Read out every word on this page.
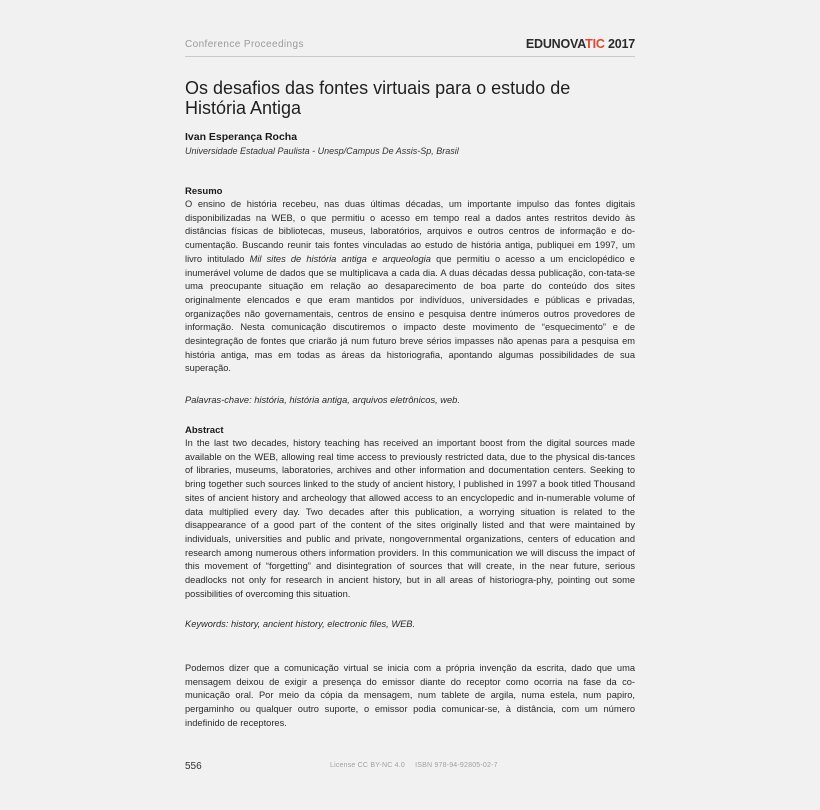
Conference Proceedings	EDUNOVATIC 2017
Os desafios das fontes virtuais para o estudo de
História Antiga
Ivan Esperança Rocha
Universidade Estadual Paulista - Unesp/Campus De Assis-Sp, Brasil
Resumo
O ensino de história recebeu, nas duas últimas décadas, um importante impulso das fontes digitais disponibilizadas na WEB, o que permitiu o acesso em tempo real a dados antes restritos devido às distâncias físicas de bibliotecas, museus, laboratórios, arquivos e outros centros de informação e do-cumentação. Buscando reunir tais fontes vinculadas ao estudo de história antiga, publiquei em 1997, um livro intitulado Mil sites de história antiga e arqueologia que permitiu o acesso a um enciclopédico e inumerável volume de dados que se multiplicava a cada dia. A duas décadas dessa publicação, con-tata-se uma preocupante situação em relação ao desaparecimento de boa parte do conteúdo dos sites originalmente elencados e que eram mantidos por indivíduos, universidades e públicas e privadas, organizações não governamentais, centros de ensino e pesquisa dentre inúmeros outros provedores de informação. Nesta comunicação discutiremos o impacto deste movimento de “esquecimento” e de desintegração de fontes que criarão já num futuro breve sérios impasses não apenas para a pesquisa em história antiga, mas em todas as áreas da historiografia, apontando algumas possibilidades de sua superação.
Palavras-chave: história, história antiga, arquivos eletrônicos, web.
Abstract
In the last two decades, history teaching has received an important boost from the digital sources made available on the WEB, allowing real time access to previously restricted data, due to the physical dis-tances of libraries, museums, laboratories, archives and other information and documentation centers. Seeking to bring together such sources linked to the study of ancient history, I published in 1997 a book titled Thousand sites of ancient history and archeology that allowed access to an encyclopedic and in-numerable volume of data multiplied every day. Two decades after this publication, a worrying situation is related to the disappearance of a good part of the content of the sites originally listed and that were maintained by individuals, universities and public and private, nongovernmental organizations, centers of education and research among numerous others information providers. In this communication we will discuss the impact of this movement of “forgetting” and disintegration of sources that will create, in the near future, serious deadlocks not only for research in ancient history, but in all areas of historiogra-phy, pointing out some possibilities of overcoming this situation.
Keywords: history, ancient history, electronic files, WEB.
Podemos dizer que a comunicação virtual se inicia com a própria invenção da escrita, dado que uma mensagem deixou de exigir a presença do emissor diante do receptor como ocorria na fase da co-municação oral. Por meio da cópia da mensagem, num tablete de argila, numa estela, num papiro, pergaminho ou qualquer outro suporte, o emissor podia comunicar-se, à distância, com um número indefinido de receptores.
556	License CC BY-NC 4.0 ISBN 978-94-92805-02-7
